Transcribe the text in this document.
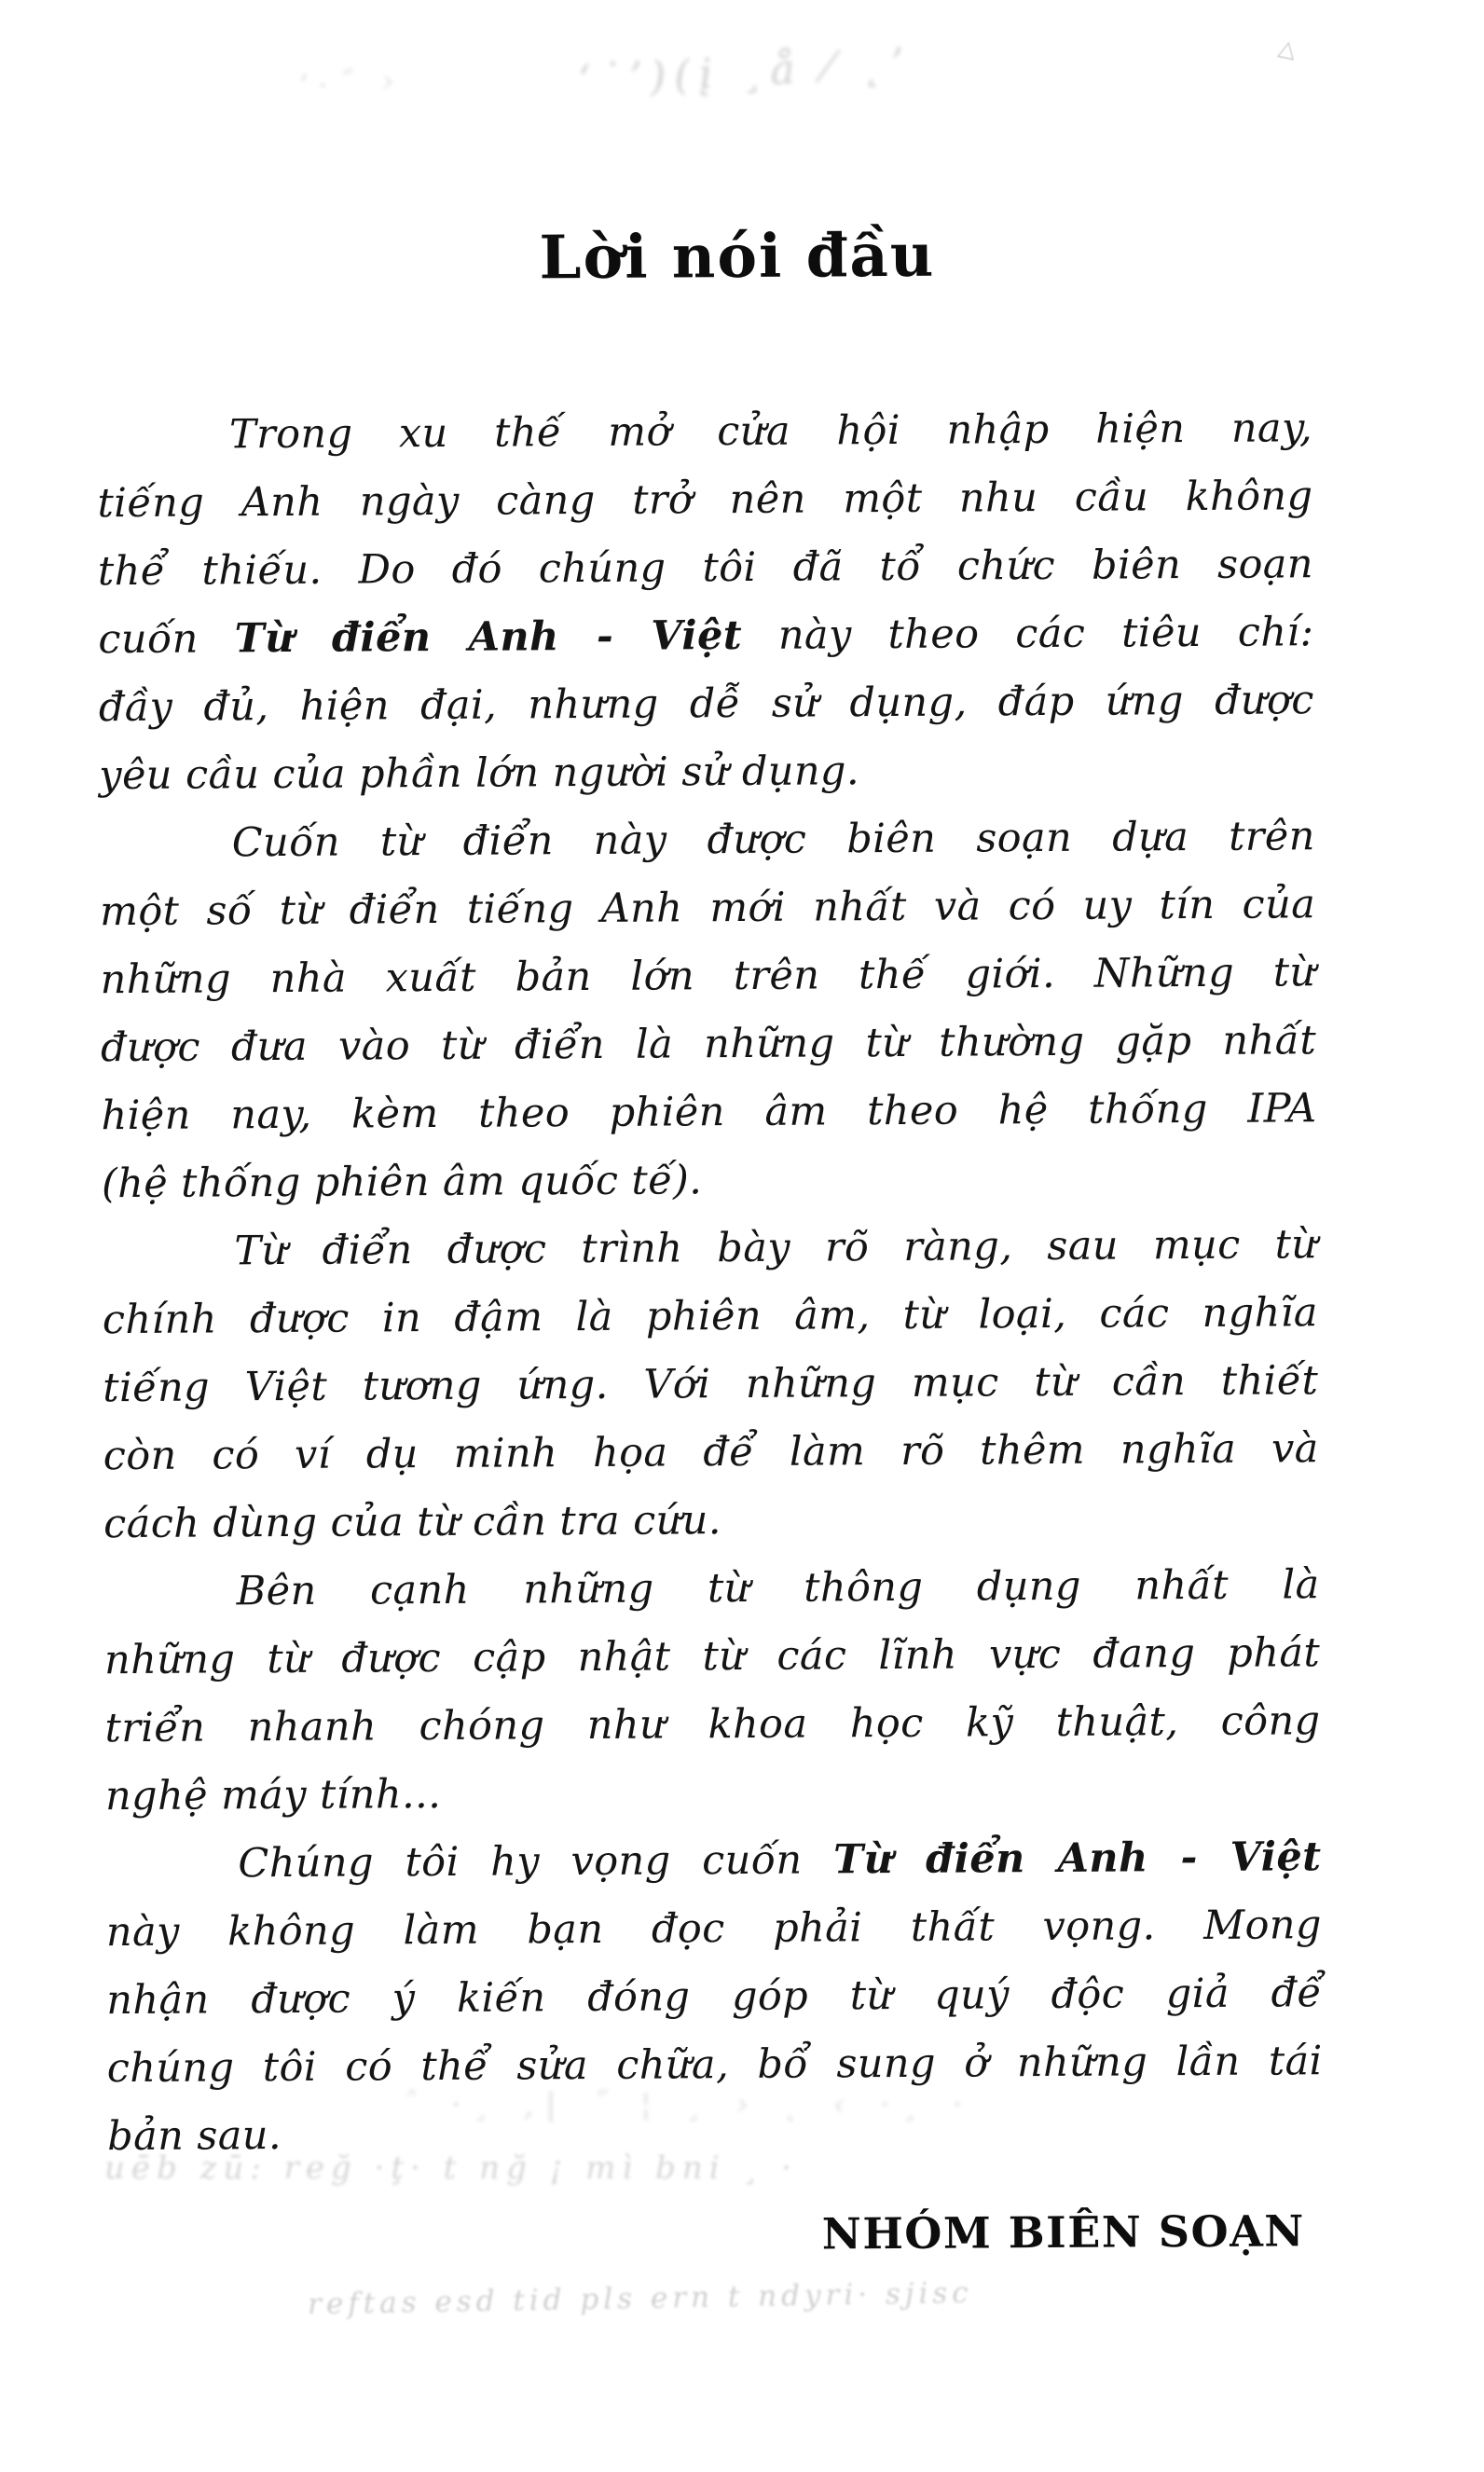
ʼ·˝ ›	ʻ˙ʼ)(į ¸å ⁄ ˛ʼ	△
ˆ ·¸ ‚| ˝ ¦ ¸ › ˛ ‹ ·¸ ·
uēb zū: reğ ·ţ· t nğ ¡ mì bni ¸ ·
reftas esd tid pls ern t ndyri· sjisc
Lời nói đầu
Trong xu thế mở cửa hội nhập hiện nay,
tiếng Anh ngày càng trở nên một nhu cầu không
thể thiếu. Do đó chúng tôi đã tổ chức biên soạn
cuốn Từ điển Anh - Việt này theo các tiêu chí:
đầy đủ, hiện đại, nhưng dễ sử dụng, đáp ứng được
yêu cầu của phần lớn người sử dụng.
Cuốn từ điển này được biên soạn dựa trên
một số từ điển tiếng Anh mới nhất và có uy tín của
những nhà xuất bản lớn trên thế giới. Những từ
được đưa vào từ điển là những từ thường gặp nhất
hiện nay, kèm theo phiên âm theo hệ thống IPA
(hệ thống phiên âm quốc tế).
Từ điển được trình bày rõ ràng, sau mục từ
chính được in đậm là phiên âm, từ loại, các nghĩa
tiếng Việt tương ứng. Với những mục từ cần thiết
còn có ví dụ minh họa để làm rõ thêm nghĩa và
cách dùng của từ cần tra cứu.
Bên cạnh những từ thông dụng nhất là
những từ được cập nhật từ các lĩnh vực đang phát
triển nhanh chóng như khoa học kỹ thuật, công
nghệ máy tính...
Chúng tôi hy vọng cuốn Từ điển Anh - Việt
này không làm bạn đọc phải thất vọng. Mong
nhận được ý kiến đóng góp từ quý độc giả để
chúng tôi có thể sửa chữa, bổ sung ở những lần tái
bản sau.
NHÓM BIÊN SOẠN
